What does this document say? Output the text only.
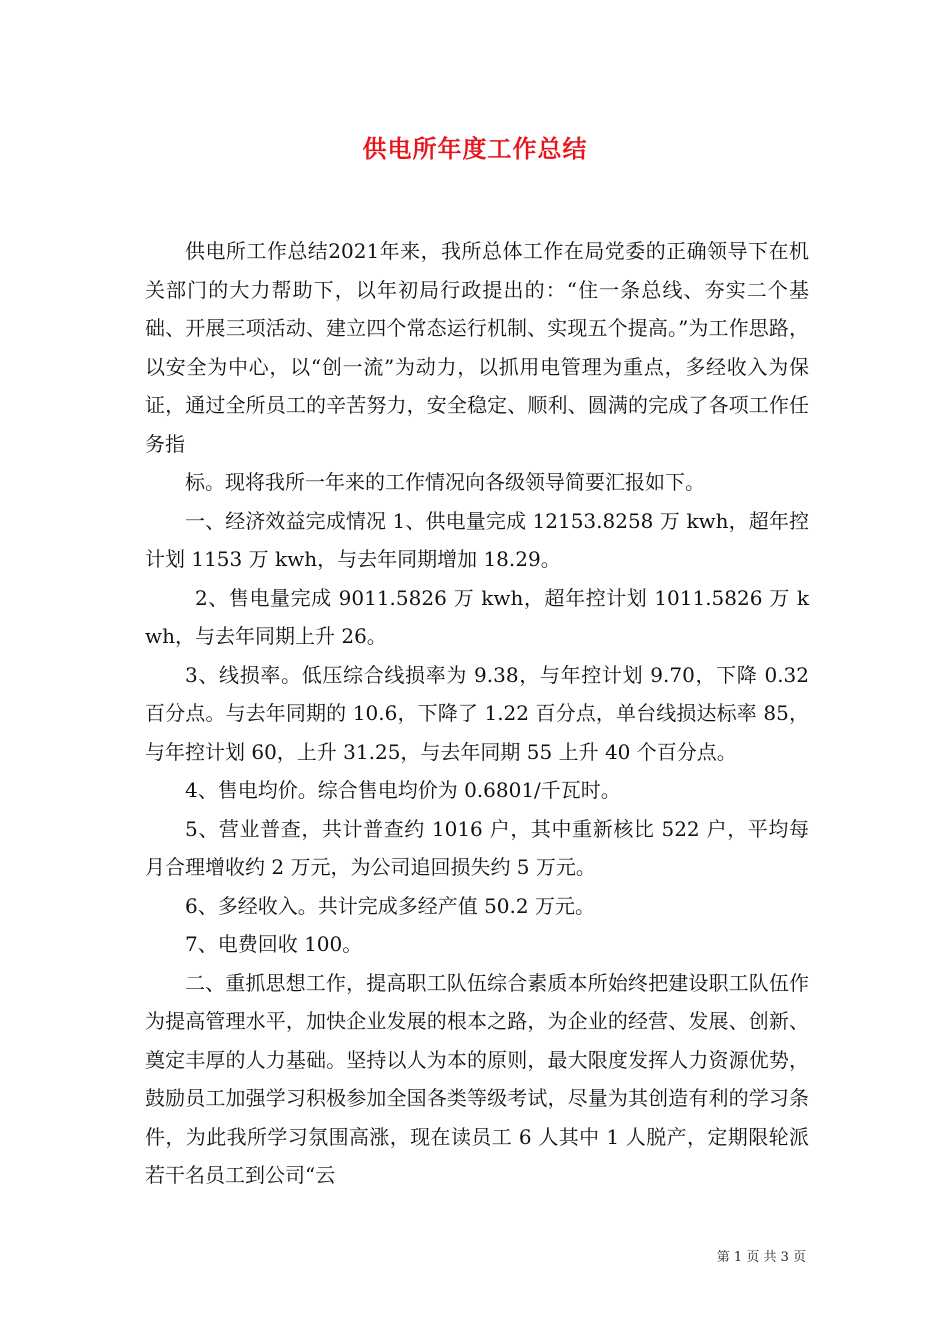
供电所年度工作总结

供电所工作总结2021年来，我所总体工作在局党委的正确领导下在机关部门的大力帮助下，以年初局行政提出的：“住一条总线、夯实二个基础、开展三项活动、建立四个常态运行机制、实现五个提高。”为工作思路，以安全为中心，以“创一流”为动力，以抓用电管理为重点，多经收入为保证，通过全所员工的辛苦努力，安全稳定、顺利、圆满的完成了各项工作任务指

标。现将我所一年来的工作情况向各级领导简要汇报如下。

一、经济效益完成情况 1、供电量完成 12153.8258 万 kwh，超年控计划 1153 万 kwh，与去年同期增加 18.29。

2、售电量完成 9011.5826 万 kwh，超年控计划 1011.5826 万 kwh，与去年同期上升 26。

3、线损率。低压综合线损率为 9.38，与年控计划 9.70，下降 0.32 百分点。与去年同期的 10.6，下降了 1.22 百分点，单台线损达标率 85，与年控计划 60，上升 31.25，与去年同期 55 上升 40 个百分点。

4、售电均价。综合售电均价为 0.6801/千瓦时。

5、营业普查，共计普查约 1016 户，其中重新核比 522 户，平均每月合理增收约 2 万元，为公司追回损失约 5 万元。

6、多经收入。共计完成多经产值 50.2 万元。

7、电费回收 100。

二、重抓思想工作，提高职工队伍综合素质本所始终把建设职工队伍作为提高管理水平，加快企业发展的根本之路，为企业的经营、发展、创新、奠定丰厚的人力基础。坚持以人为本的原则，最大限度发挥人力资源优势，鼓励员工加强学习积极参加全国各类等级考试，尽量为其创造有利的学习条件，为此我所学习氛围高涨，现在读员工 6 人其中 1 人脱产，定期限轮派若干名员工到公司“云

第 1 页 共 3 页
